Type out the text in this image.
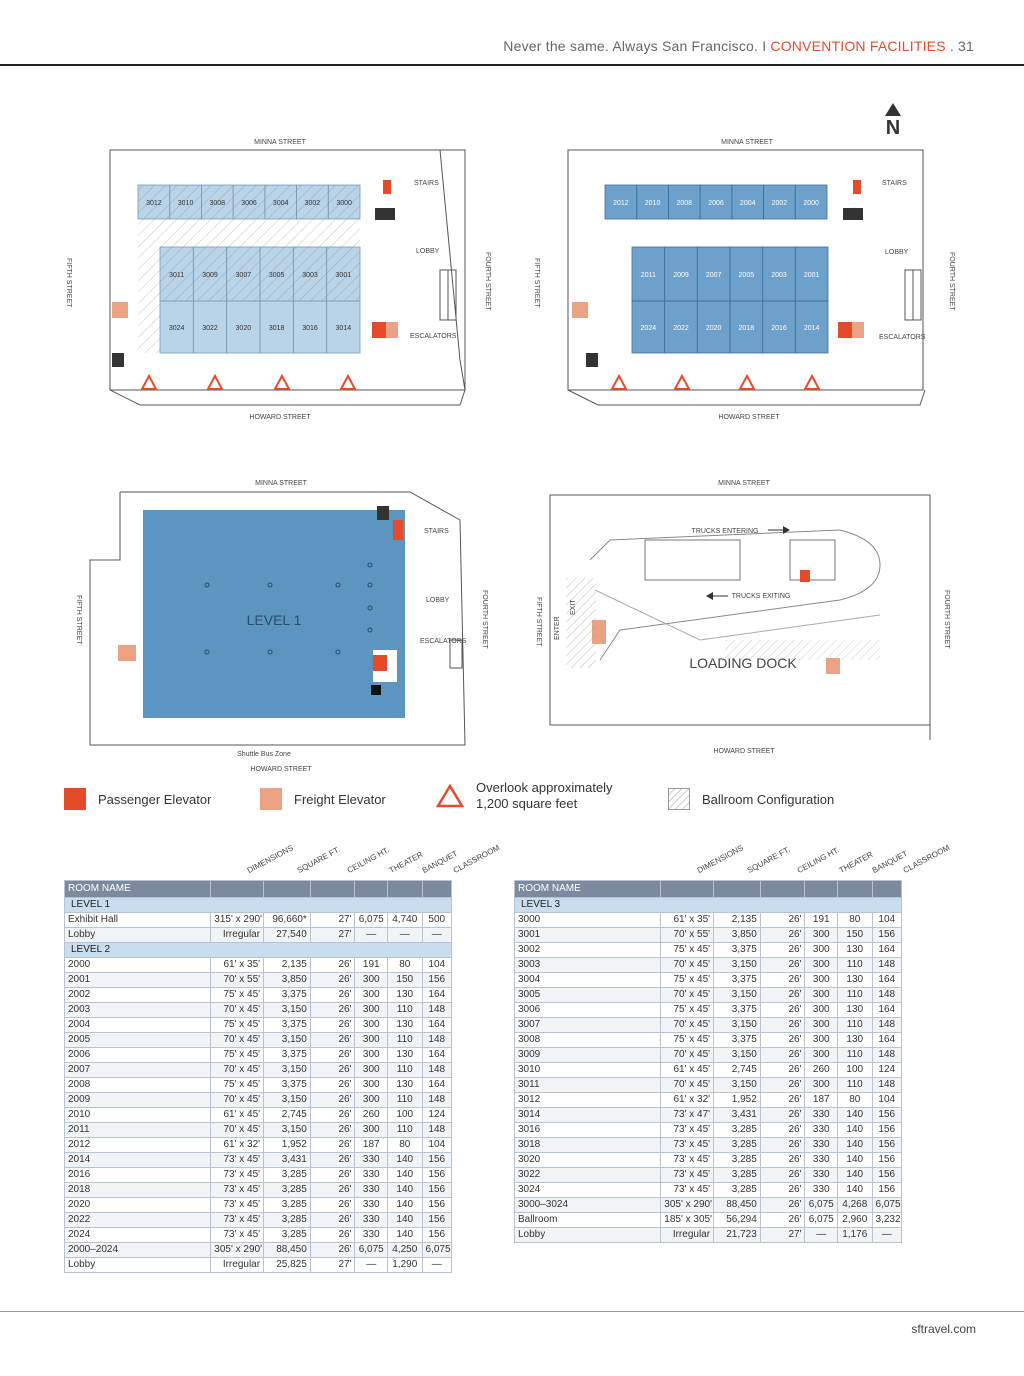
Never the same. Always San Francisco. I CONVENTION FACILITIES . 31
N
3012 3010 3008 3006 3004 3002 3000
3011	3009	3007	3005	3003	3001
3024	3022	3020	3018	3016	3014
MINNA STREET
HOWARD STREET
STAIRS
LOBBY
ESCALATORS
FIFTH STREET	FOURTH STREET
2012 2010 2008 2006 2004 2002 2000
2011 2009 2007 2005 2003 2001
2024 2022 2020 2018 2016 2014
MINNA STREET
HOWARD STREET
STAIRS
LOBBY
ESCALATORS
FIFTH STREET	FOURTH STREET
LEVEL 1
MINNA STREET
Shuttle Bus Zone
HOWARD STREET
STAIRS
LOBBY
ESCALATORS
FIFTH STREET	FOURTH STREET
MINNA STREET
TRUCKS ENTERING
TRUCKS EXITING
LOADING DOCK
ENTER
EXIT
HOWARD STREET
FIFTH STREET	FOURTH STREET
Passenger Elevator	Freight Elevator
Overlook approximately
1,200 square feet	Ballroom Configuration
DIMENSIONS SQUARE FT. CEILING HT.
THEATER
BANQUET
CLASSROOM
ROOM NAME						
LEVEL 1						
Exhibit Hall	315' x 290'	96,660*	27'	6,075	4,740	500
Lobby	Irregular	27,540	27'	—	—	—
LEVEL 2						
2000	61' x 35'	2,135	26'	191	80	104
2001	70' x 55'	3,850	26'	300	150	156
2002	75' x 45'	3,375	26'	300	130	164
2003	70' x 45'	3,150	26'	300	110	148
2004	75' x 45'	3,375	26'	300	130	164
2005	70' x 45'	3,150	26'	300	110	148
2006	75' x 45'	3,375	26'	300	130	164
2007	70' x 45'	3,150	26'	300	110	148
2008	75' x 45'	3,375	26'	300	130	164
2009	70' x 45'	3,150	26'	300	110	148
2010	61' x 45'	2,745	26'	260	100	124
2011	70' x 45'	3,150	26'	300	110	148
2012	61' x 32'	1,952	26'	187	80	104
2014	73' x 45'	3,431	26'	330	140	156
2016	73' x 45'	3,285	26'	330	140	156
2018	73' x 45'	3,285	26'	330	140	156
2020	73' x 45'	3,285	26'	330	140	156
2022	73' x 45'	3,285	26'	330	140	156
2024	73' x 45'	3,285	26'	330	140	156
2000–2024	305' x 290'	88,450	26'	6,075	4,250	6,075
Lobby	Irregular	25,825	27'	—	1,290	—
DIMENSIONS SQUARE FT. CEILING HT.
THEATER
BANQUET
CLASSROOM
ROOM NAME						
LEVEL 3						
3000	61' x 35'	2,135	26'	191	80	104
3001	70' x 55'	3,850	26'	300	150	156
3002	75' x 45'	3,375	26'	300	130	164
3003	70' x 45'	3,150	26'	300	110	148
3004	75' x 45'	3,375	26'	300	130	164
3005	70' x 45'	3,150	26'	300	110	148
3006	75' x 45'	3,375	26'	300	130	164
3007	70' x 45'	3,150	26'	300	110	148
3008	75' x 45'	3,375	26'	300	130	164
3009	70' x 45'	3,150	26'	300	110	148
3010	61' x 45'	2,745	26'	260	100	124
3011	70' x 45'	3,150	26'	300	110	148
3012	61' x 32'	1,952	26'	187	80	104
3014	73' x 47'	3,431	26'	330	140	156
3016	73' x 45'	3,285	26'	330	140	156
3018	73' x 45'	3,285	26'	330	140	156
3020	73' x 45'	3,285	26'	330	140	156
3022	73' x 45'	3,285	26'	330	140	156
3024	73' x 45'	3,285	26'	330	140	156
3000–3024	305' x 290'	88,450	26'	6,075	4,268	6,075
Ballroom	185' x 305'	56,294	26'	6,075	2,960	3,232
Lobby	Irregular	21,723	27'	—	1,176	—
sftravel.com
